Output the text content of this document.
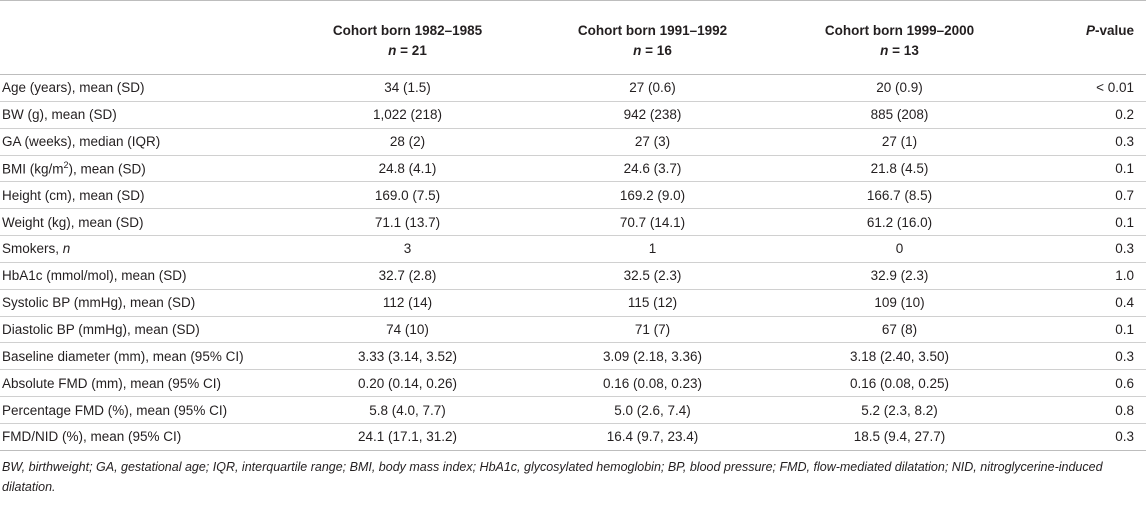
	Cohort born 1982–1985	Cohort born 1991–1992	Cohort born 1999–2000	P-value
	n = 21	n = 16	n = 13	
Age (years), mean (SD)	34 (1.5)	27 (0.6)	20 (0.9)	< 0.01
BW (g), mean (SD)	1,022 (218)	942 (238)	885 (208)	0.2
GA (weeks), median (IQR)	28 (2)	27 (3)	27 (1)	0.3
BMI $(kg/m^2)$, mean (SD)	24.8 (4.1)	24.6 (3.7)	21.8 (4.5)	0.1
Height (cm), mean (SD)	169.0 (7.5)	169.2 (9.0)	166.7 (8.5)	0.7
Weight (kg), mean (SD)	71.1 (13.7)	70.7 (14.1)	61.2 (16.0)	0.1
Smokers, n	3	1	0	0.3
HbA1c (mmol/mol), mean (SD)	32.7 (2.8)	32.5 (2.3)	32.9 (2.3)	1.0
Systolic BP (mmHg), mean (SD)	112 (14)	115 (12)	109 (10)	0.4
Diastolic BP (mmHg), mean (SD)	74 (10)	71 (7)	67 (8)	0.1
Baseline diameter (mm), mean (95% CI)	3.33 (3.14, 3.52)	3.09 (2.18, 3.36)	3.18 (2.40, 3.50)	0.3
Absolute FMD (mm), mean (95% CI)	0.20 (0.14, 0.26)	0.16 (0.08, 0.23)	0.16 (0.08, 0.25)	0.6
Percentage FMD (%), mean (95% CI)	5.8 (4.0, 7.7)	5.0 (2.6, 7.4)	5.2 (2.3, 8.2)	0.8
FMD/NID (%), mean (95% CI)	24.1 (17.1, 31.2)	16.4 (9.7, 23.4)	18.5 (9.4, 27.7)	0.3
BW, birthweight; GA, gestational age; IQR, interquartile range; BMI, body mass index; HbA1c, glycosylated hemoglobin; BP, blood pressure; FMD, flow-mediated dilatation; NID, nitroglycerine-induced dilatation.
